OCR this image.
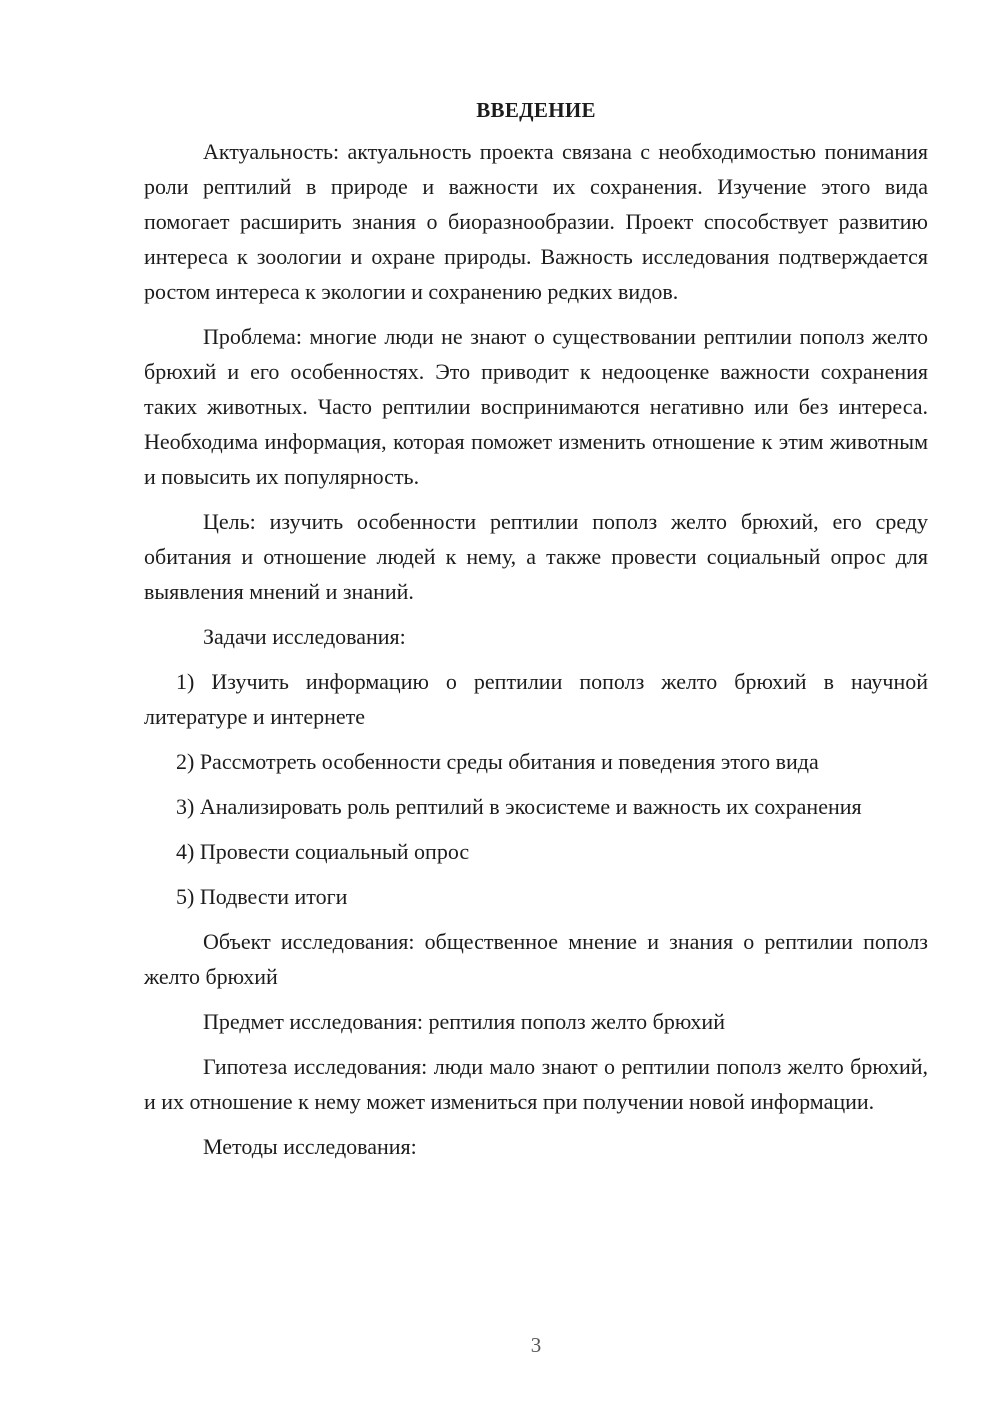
ВВЕДЕНИЕ

Актуальность: актуальность проекта связана с необходимостью понимания роли рептилий в природе и важности их сохранения. Изучение этого вида помогает расширить знания о биоразнообразии. Проект способствует развитию интереса к зоологии и охране природы. Важность исследования подтверждается ростом интереса к экологии и сохранению редких видов.

Проблема: многие люди не знают о существовании рептилии пополз желто брюхий и его особенностях. Это приводит к недооценке важности сохранения таких животных. Часто рептилии воспринимаются негативно или без интереса. Необходима информация, которая поможет изменить отношение к этим животным и повысить их популярность.

Цель: изучить особенности рептилии пополз желто брюхий, его среду обитания и отношение людей к нему, а также провести социальный опрос для выявления мнений и знаний.

Задачи исследования:

1) Изучить информацию о рептилии пополз желто брюхий в научной литературе и интернете

2) Рассмотреть особенности среды обитания и поведения этого вида

3) Анализировать роль рептилий в экосистеме и важность их сохранения

4) Провести социальный опрос

5) Подвести итоги

Объект исследования: общественное мнение и знания о рептилии пополз желто брюхий

Предмет исследования: рептилия пополз желто брюхий

Гипотеза исследования: люди мало знают о рептилии пополз желто брюхий, и их отношение к нему может измениться при получении новой информации.

Методы исследования:

3
